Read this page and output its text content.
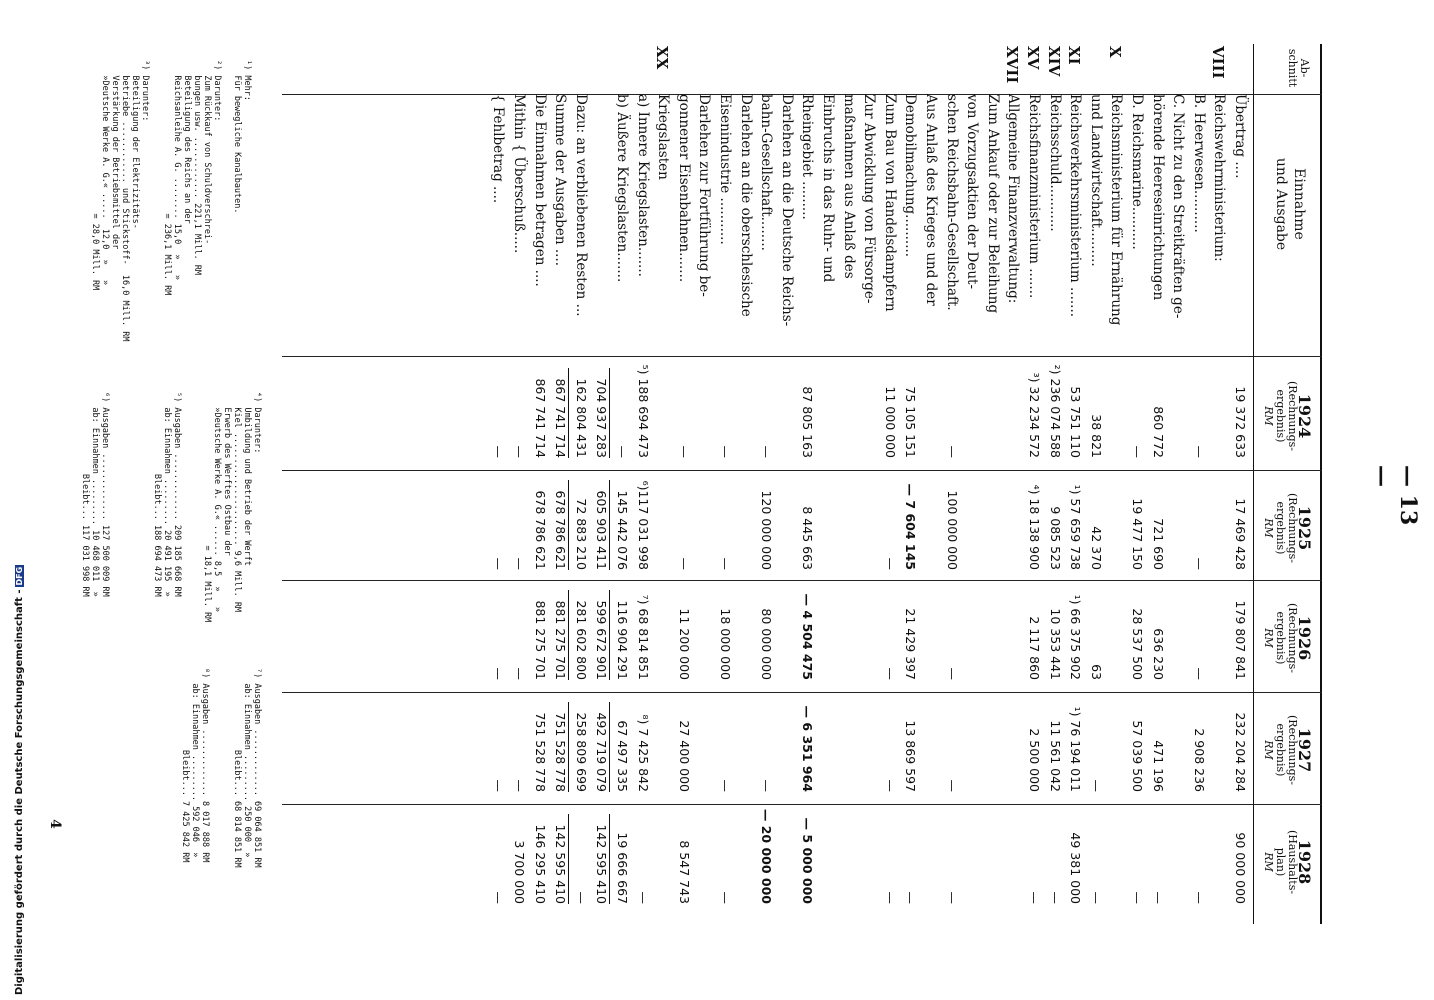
— 13 —
4
Digitalisierung gefördert durch die Deutsche Forschungsgemeinschaft -DFG
Ab-
schnitt
Einnahme
und Ausgabe
1924
(Rechnungs-
ergebnis)
RM
1925
(Rechnungs-
ergebnis)
RM
1926
(Rechnungs-
ergebnis)
RM
1927
(Rechnungs-
ergebnis)
RM
1928
(Haushalts-
plan)
RM
Übertrag ....
19 372 633
17 469 428
179 807 841
232 204 284
90 000 000
VIII
Reichswehrministerium:
B. Heerwesen..........
—
—
—
2 908 236
—
C. Nicht zu den Streitkräften ge-
hörende Heereseinrichtungen
860 772
721 690
636 230
471 196
—
D. Reichsmarine..........
—
19 477 150
28 537 500
57 039 500
—
X
Reichsministerium für Ernährung
und Landwirtschaft.........
38 821
42 370
63
—
—
XI
Reichsverkehrsministerium .......
53 751 110
¹) 57 659 738
¹) 66 375 902
¹) 76 194 011
49 381 000
XIV
Reichsschuld...........
²) 236 074 588
9 085 523
10 353 441
11 561 042
—
XV
Reichsfinanzministerium .......
³) 32 234 572
⁴) 18 138 900
2 117 860
2 500 000
—
XVII
Allgemeine Finanzverwaltung:
Zum Ankauf oder zur Beleihung
von Vorzugsaktien der Deut-
schen Reichsbahn-Gesellschaft.
—
100 000 000
—
—
—
Aus Anlaß des Krieges und der
Demobilmachung..........
75 105 151
— 7 604 145
21 429 397
13 869 597
—
Zum Bau von Handelsdampfern
11 000 000
—
—
—
—
Zur Abwicklung von Fürsorge-
maßnahmen aus Anlaß des
Einbruchs in das Ruhr- und
Rheingebiet .........
87 805 163
8 445 663
— 4 504 475
— 6 351 964
— 5 000 000
Darlehen an die Deutsche Reichs-
bahn-Gesellschaft........
—
120 000 000
80 000 000
—
— 20 000 000
Darlehen an die oberschlesische
Eisenindustrie ...........
—
—
18 000 000
—
—
Darlehen zur Fortführung be-
gonnener Eisenbahnen.......
—
—
11 200 000
27 400 000
8 547 743
XX
Kriegslasten
a) Innere Kriegslasten.......
⁵) 188 694 473
⁶)117 031 998
⁷) 68 814 851
⁸) 7 425 842
—
b) Äußere Kriegslasten.......
—
145 442 076
116 904 291
67 497 335
19 666 667
704 937 283
605 903 411
599 672 901
492 719 079
142 595 410
Dazu: an verbliebenen Resten ...
162 804 431
72 883 210
281 602 800
258 809 699
—
Summe der Ausgaben ....
867 741 714
678 786 621
881 275 701
751 528 778
142 595 410
Die Einnahmen betragen ....
867 741 714
678 786 621
881 275 701
751 528 778
146 295 410
Mithin { Überschuß.....
—
—
—
—
3 700 000
{ Fehlbetrag ....
—
—
—
—
—
¹) Mehr:
Für bewegliche Kanalbauten.
²) Darunter:
Zum Rückkauf von Schuldverschrei-
bungen usw. ............ 221,1 Mill. RM
Beteiligung des Reichs an der
Reichsanleihe A. G. ........ 15,0  »   »
= 236,1 Mill. RM
³) Darunter:
Beteiligung der Elektrizitäts-
betriebe ............ und Stickstoff-  16,0 Mill. RM
Verstärkung der Betriebsmittel der
»Deutsche Werke A. G.« .....  12,0  »   »
= 28,0 Mill. RM
⁴) Darunter:
Umbildung und Betrieb der Werft
Kiel ...................... 9,6 Mill. RM
Erwerb des Werftes Ostbau der
»Deutsche Werke A. G.« ...... 8,5  »   »
= 18,1 Mill. RM
⁵) Ausgaben ............. 209 185 668 RM
ab: Einnahmen ......... 20 491 195  »
Bleibt... 188 694 473 RM
⁶) Ausgaben ............. 127 500 009 RM
ab: Einnahmen ......... 10 468 011  »
Bleibt... 117 031 998 RM
⁷) Ausgaben ............. 69 064 851 RM
ab: Einnahmen ......... 250 000  »
Bleibt... 68 814 851 RM
⁸) Ausgaben ............. 8 017 888 RM
ab: Einnahmen ......... 592 046  »
Bleibt... 7 425 842 RM
